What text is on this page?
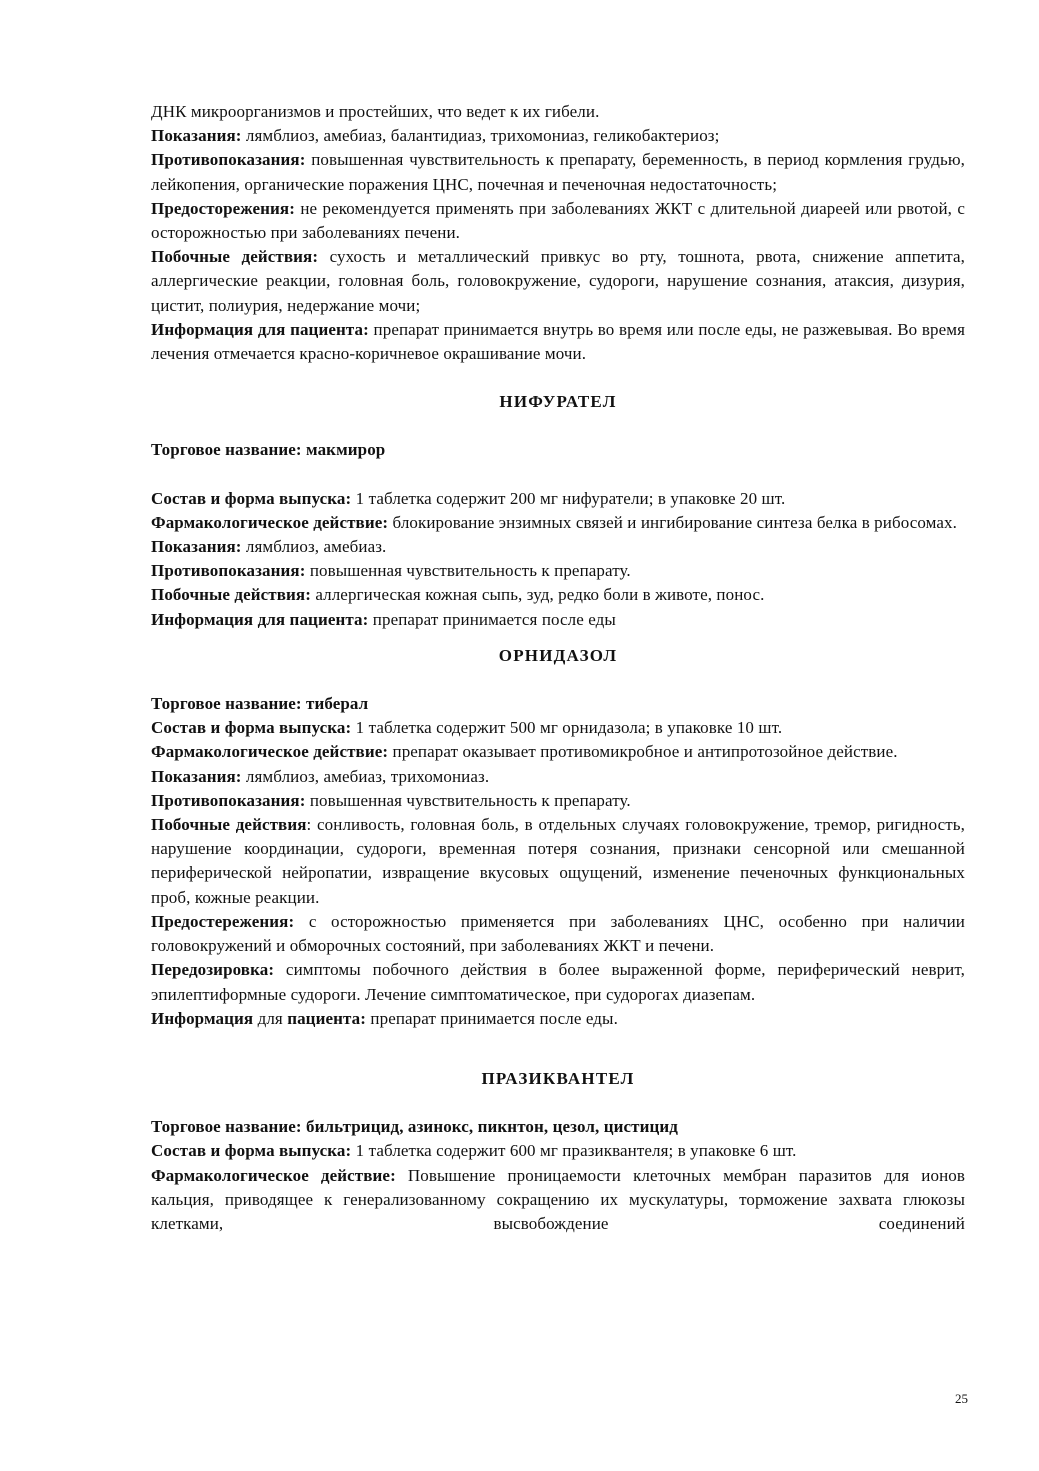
ДНК микроорганизмов и простейших, что ведет к их гибели.

Показания: лямблиоз, амебиаз, балантидиаз, трихомониаз, геликобактериоз;

Противопоказания: повышенная чувствительность к препарату, беременность, в период кормления грудью, лейкопения, органические поражения ЦНС, почечная и печеночная недостаточность;

Предосторежения: не рекомендуется применять при заболеваниях ЖКТ с длительной диареей или рвотой, с осторожностью при заболеваниях печени.

Побочные действия: сухость и металлический привкус во рту, тошнота, рвота, снижение аппетита, аллергические реакции, головная боль, головокружение, судороги, нарушение сознания, атаксия, дизурия, цистит, полиурия, недержание мочи;

Информация для пациента: препарат принимается внутрь во время или после еды, не разжевывая. Во время лечения отмечается красно-коричневое окрашивание мочи.

НИФУРАТЕЛ

Торговое название: макмирор

Состав и форма выпуска: 1 таблетка содержит 200 мг нифуратели; в упаковке 20 шт.

Фармакологическое действие: блокирование энзимных связей и ингибирование синтеза белка в рибосомах.

Показания: лямблиоз, амебиаз.

Противопоказания: повышенная чувствительность к препарату.

Побочные действия: аллергическая кожная сыпь, зуд, редко боли в животе, понос.

Информация для пациента: препарат принимается после еды

ОРНИДАЗОЛ

Торговое название: тиберал

Состав и форма выпуска: 1 таблетка содержит 500 мг орнидазола; в упаковке 10 шт.

Фармакологическое действие: препарат оказывает противомикробное и антипротозойное действие.

Показания: лямблиоз, амебиаз, трихомониаз.

Противопоказания: повышенная чувствительность к препарату.

Побочные действия: сонливость, головная боль, в отдельных случаях головокружение, тремор, ригидность, нарушение координации, судороги, временная потеря сознания, признаки сенсорной или смешанной периферической нейропатии, извращение вкусовых ощущений, изменение печеночных функциональных проб, кожные реакции.

Предостережения: с осторожностью применяется при заболеваниях ЦНС, особенно при наличии головокружений и обморочных состояний, при заболеваниях ЖКТ и печени.

Передозировка: симптомы побочного действия в более выраженной форме, периферический неврит, эпилептиформные судороги. Лечение симптоматическое, при судорогах диазепам.

Информация для пациента: препарат принимается после еды.

ПРАЗИКВАНТЕЛ

Торговое название: бильтрицид, азинокс, пикнтон, цезол, цистицид

Состав и форма выпуска: 1 таблетка содержит 600 мг празиквантеля; в упаковке 6 шт.

Фармакологическое действие: Повышение проницаемости клеточных мембран паразитов для ионов кальция, приводящее к генерализованному сокращению их мускулатуры, торможение захвата глюкозы клетками, высвобождение соединений

25
